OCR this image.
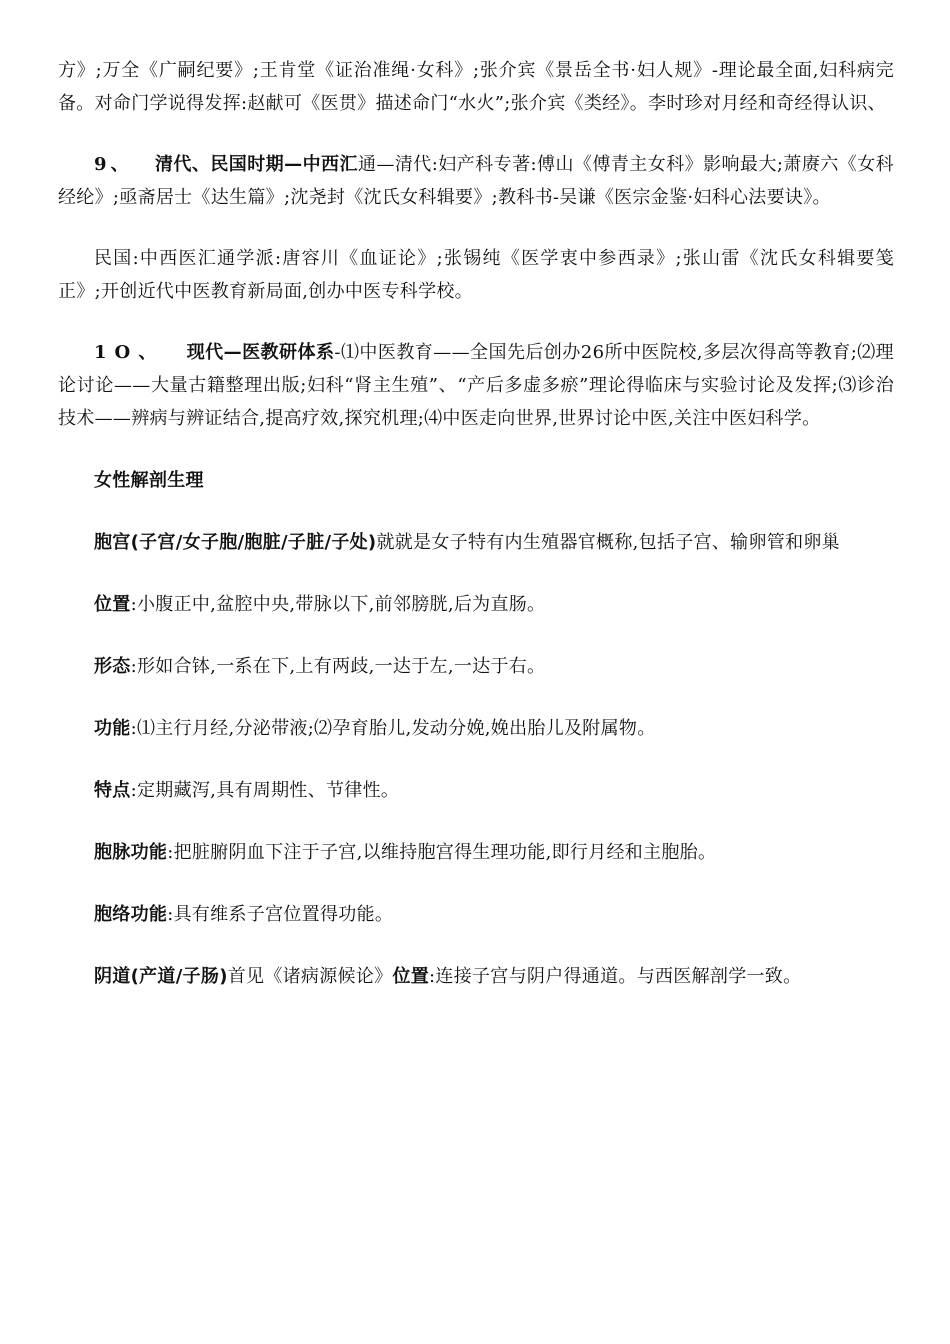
方》;万全《广嗣纪要》;王肯堂《证治准绳·女科》;张介宾《景岳全书·妇人规》-理论最全面,妇科病完备。对命门学说得发挥:赵献可《医贯》描述命门“水火”;张介宾《类经》。李时珍对月经和奇经得认识、

9、 清代、民国时期—中西汇通—清代:妇产科专著:傅山《傅青主女科》影响最大;萧赓六《女科经纶》;亟斋居士《达生篇》;沈尧封《沈氏女科辑要》;教科书-吴谦《医宗金鉴·妇科心法要诀》。

民国:中西医汇通学派:唐容川《血证论》;张锡纯《医学衷中参西录》;张山雷《沈氏女科辑要笺正》;开创近代中医教育新局面,创办中医专科学校。

1O、 现代—医教研体系-⑴中医教育——全国先后创办26所中医院校,多层次得高等教育;⑵理论讨论——大量古籍整理出版;妇科“肾主生殖”、“产后多虚多瘀”理论得临床与实验讨论及发挥;⑶诊治技术——辨病与辨证结合,提高疗效,探究机理;⑷中医走向世界,世界讨论中医,关注中医妇科学。

女性解剖生理
胞宫(子宫/女子胞/胞脏/子脏/子处)就就是女子特有内生殖器官概称,包括子宫、输卵管和卵巢
位置:小腹正中,盆腔中央,带脉以下,前邻膀胱,后为直肠。
形态:形如合钵,一系在下,上有两歧,一达于左,一达于右。
功能:⑴主行月经,分泌带液;⑵孕育胎儿,发动分娩,娩出胎儿及附属物。
特点:定期藏泻,具有周期性、节律性。
胞脉功能:把脏腑阴血下注于子宫,以维持胞宫得生理功能,即行月经和主胞胎。
胞络功能:具有维系子宫位置得功能。
阴道(产道/子肠)首见《诸病源候论》位置:连接子宫与阴户得通道。与西医解剖学一致。
